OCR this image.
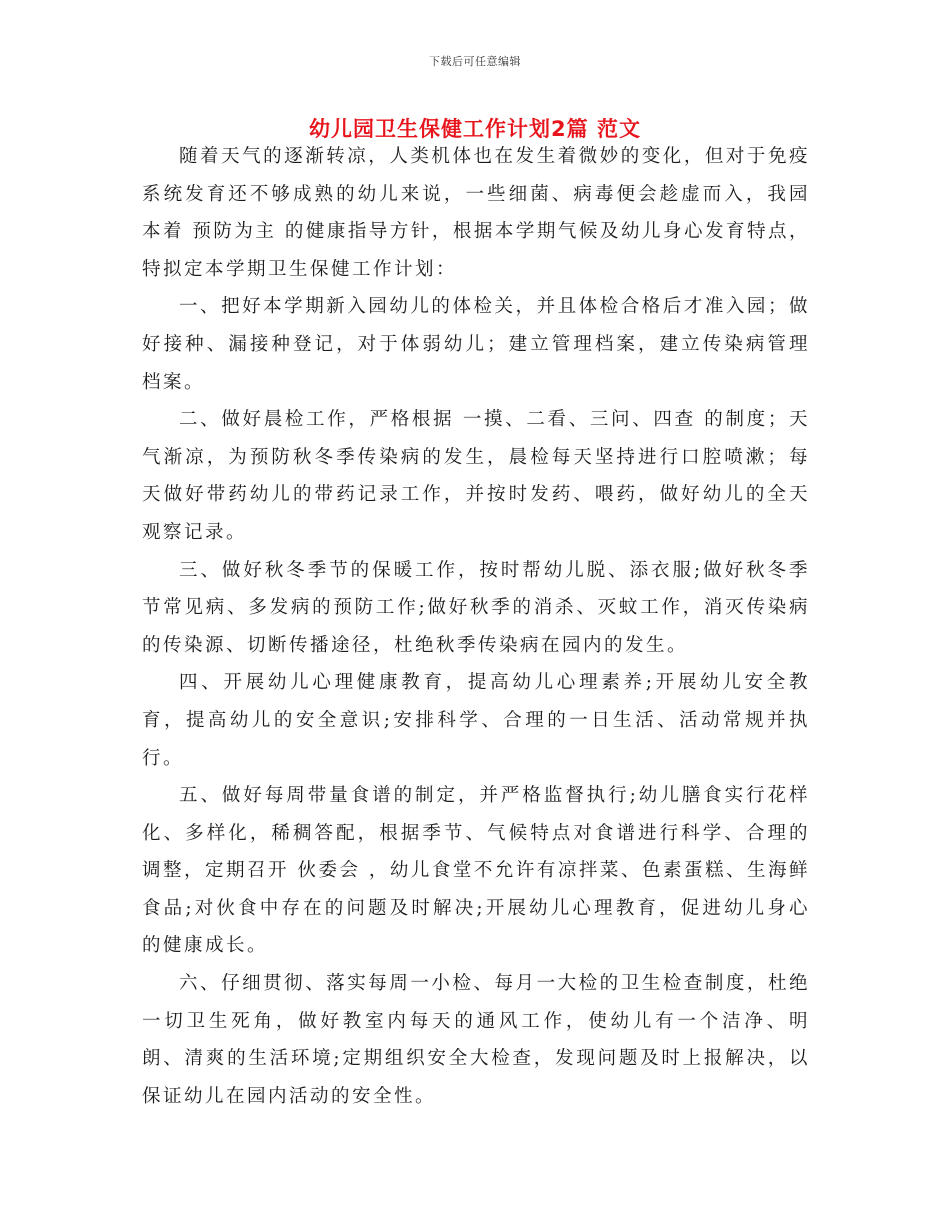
下载后可任意编辑
幼儿园卫生保健工作计划2篇 范文

随着天气的逐渐转凉，人类机体也在发生着微妙的变化，但对于免疫系统发育还不够成熟的幼儿来说，一些细菌、病毒便会趁虚而入，我园本着 预防为主 的健康指导方针，根据本学期气候及幼儿身心发育特点，特拟定本学期卫生保健工作计划：

一、把好本学期新入园幼儿的体检关，并且体检合格后才准入园；做好接种、漏接种登记，对于体弱幼儿；建立管理档案，建立传染病管理档案。

二、做好晨检工作，严格根据 一摸、二看、三问、四查 的制度；天气渐凉，为预防秋冬季传染病的发生，晨检每天坚持进行口腔喷漱；每天做好带药幼儿的带药记录工作，并按时发药、喂药，做好幼儿的全天观察记录。

三、做好秋冬季节的保暖工作，按时帮幼儿脱、添衣服;做好秋冬季节常见病、多发病的预防工作;做好秋季的消杀、灭蚊工作，消灭传染病的传染源、切断传播途径，杜绝秋季传染病在园内的发生。

四、开展幼儿心理健康教育，提高幼儿心理素养;开展幼儿安全教育，提高幼儿的安全意识;安排科学、合理的一日生活、活动常规并执行。

五、做好每周带量食谱的制定，并严格监督执行;幼儿膳食实行花样化、多样化，稀稠答配，根据季节、气候特点对食谱进行科学、合理的调整，定期召开 伙委会 ，幼儿食堂不允许有凉拌菜、色素蛋糕、生海鲜食品;对伙食中存在的问题及时解决;开展幼儿心理教育，促进幼儿身心的健康成长。

六、仔细贯彻、落实每周一小检、每月一大检的卫生检查制度，杜绝一切卫生死角，做好教室内每天的通风工作，使幼儿有一个洁净、明朗、清爽的生活环境;定期组织安全大检查，发现问题及时上报解决，以保证幼儿在园内活动的安全性。
